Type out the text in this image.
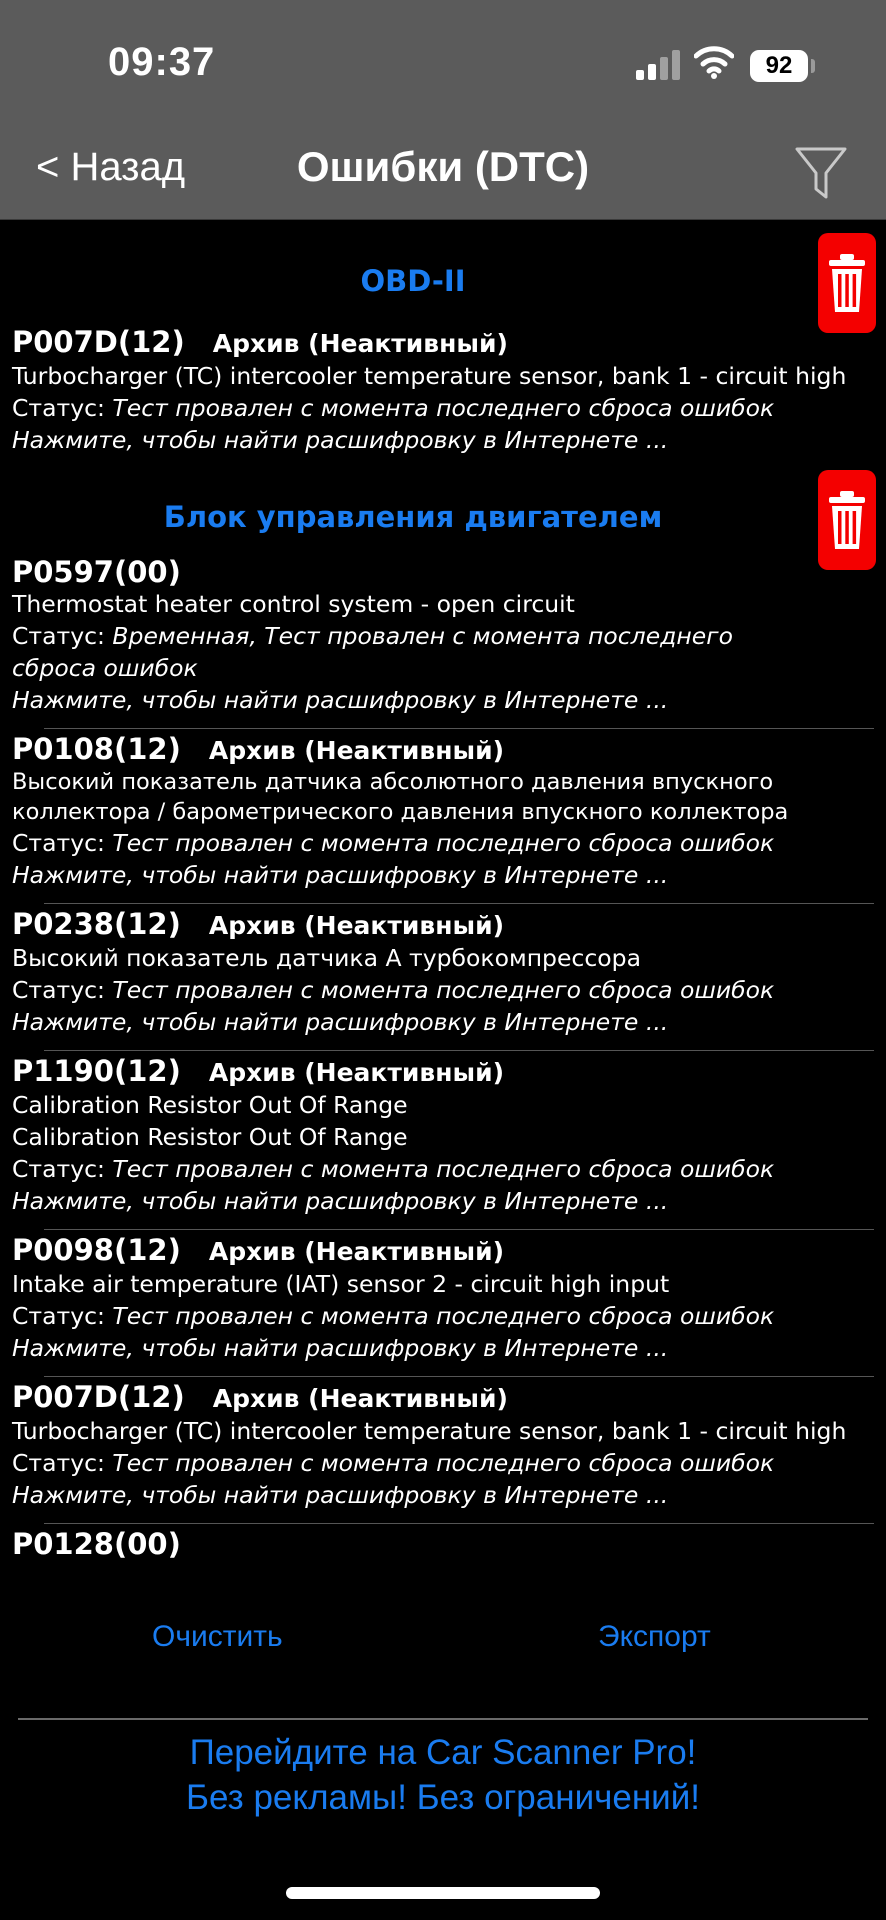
09:37	92
< Назад	Ошибки (DTC)
OBD-II
P007D(12) Архив (Неактивный)
Turbocharger (TC) intercooler temperature sensor, bank 1 - circuit high
Статус: Тест провален с момента последнего сброса ошибок
Нажмите, чтобы найти расшифровку в Интернете ...
Блок управления двигателем
P0597(00)
Thermostat heater control system - open circuit
Статус: Временная, Тест провален с момента последнего сброса ошибок
Нажмите, чтобы найти расшифровку в Интернете ...
P0108(12) Архив (Неактивный)
Высокий показатель датчика абсолютного давления впускного коллектора / барометрического давления впускного коллектора
Статус: Тест провален с момента последнего сброса ошибок
Нажмите, чтобы найти расшифровку в Интернете ...
P0238(12) Архив (Неактивный)
Высокий показатель датчика А турбокомпрессора
Статус: Тест провален с момента последнего сброса ошибок
Нажмите, чтобы найти расшифровку в Интернете ...
P1190(12) Архив (Неактивный)
Calibration Resistor Out Of Range
Calibration Resistor Out Of Range
Статус: Тест провален с момента последнего сброса ошибок
Нажмите, чтобы найти расшифровку в Интернете ...
P0098(12) Архив (Неактивный)
Intake air temperature (IAT) sensor 2 - circuit high input
Статус: Тест провален с момента последнего сброса ошибок
Нажмите, чтобы найти расшифровку в Интернете ...
P007D(12) Архив (Неактивный)
Turbocharger (TC) intercooler temperature sensor, bank 1 - circuit high
Статус: Тест провален с момента последнего сброса ошибок
Нажмите, чтобы найти расшифровку в Интернете ...
P0128(00)
Очистить	Экспорт
Перейдите на Car Scanner Pro!
Без рекламы! Без ограничений!
